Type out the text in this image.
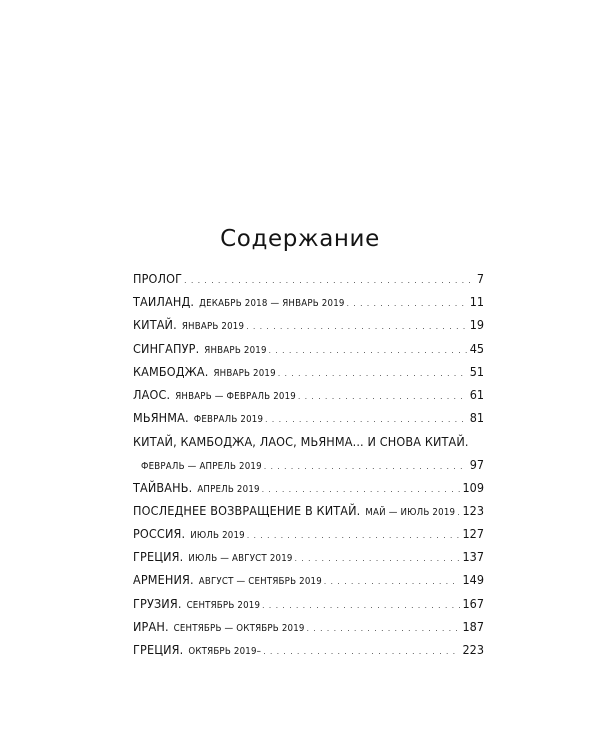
Содержание
ПРОЛОГ . . .	7
ТАИЛАНД. ДЕКАБРЬ 2018 — ЯНВАРЬ 2019 . . .	11
КИТАЙ. ЯНВАРЬ 2019 . . .	19
СИНГАПУР. ЯНВАРЬ 2019 . . .	45
КАМБОДЖА. ЯНВАРЬ 2019 . . .	51
ЛАОС. ЯНВАРЬ — ФЕВРАЛЬ 2019 . . .	61
МЬЯНМА. ФЕВРАЛЬ 2019 . . .	81
КИТАЙ, КАМБОДЖА, ЛАОС, МЬЯНМА... И СНОВА КИТАЙ.
ФЕВРАЛЬ — АПРЕЛЬ 2019 . . .	97
ТАЙВАНЬ. АПРЕЛЬ 2019 . . .	109
ПОСЛЕДНЕЕ ВОЗВРАЩЕНИЕ В КИТАЙ. МАЙ — ИЮЛЬ 2019 . . . 123
РОССИЯ. ИЮЛЬ 2019 . . .	127
ГРЕЦИЯ. ИЮЛЬ — АВГУСТ 2019 . . .	137
АРМЕНИЯ. АВГУСТ — СЕНТЯБРЬ 2019 . . .	149
ГРУЗИЯ. СЕНТЯБРЬ 2019 . . .	167
ИРАН. СЕНТЯБРЬ — ОКТЯБРЬ 2019 . . .	187
ГРЕЦИЯ. ОКТЯБРЬ 2019– . . .	223
